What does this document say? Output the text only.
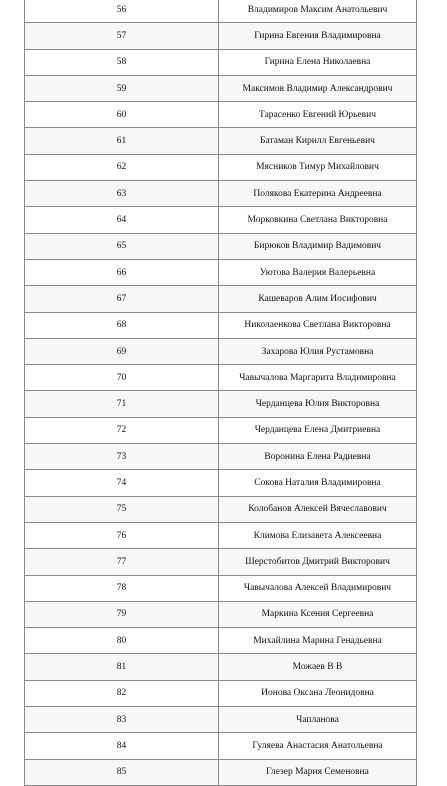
56	Владимиров Максим Анатольевич
57	Гирина Евгения Владимировна
58	Гирина Елена Николаевна
59	Максимов Владимир Александрович
60	Тарасенко Евгений Юрьевич
61	Батаман Кирилл Евгеньевич
62	Мясников Тимур Михайлович
63	Полякова Екатерина Андреевна
64	Морковкина Светлана Викторовна
65	Бирюков Владимир Вадимович
66	Уютова Валерия Валерьевна
67	Кашеваров Алим Иосифович
68	Николаенкова Светлана Викторовна
69	Захарова Юлия Рустамовна
70	Чавычалова Маргарита Владимировна
71	Черданцева Юлия Викторовна
72	Черданцева Елена Дмитриевна
73	Воронина Елена Радиевна
74	Сокова Наталия Владимировна
75	Колобанов Алексей Вячеславович
76	Климова Елизавета Алексеевна
77	Шерстобитов Дмитрий Викторович
78	Чавычалова Алексей Владимирович
79	Маркина Ксения Сергеевна
80	Михайлина Марина Генадьевна
81	Можаев В В
82	Ионова Оксана Леонидовна
83	Чапланова
84	Гуляева Анастасия Анатольевна
85	Глезер Мария Семеновна
